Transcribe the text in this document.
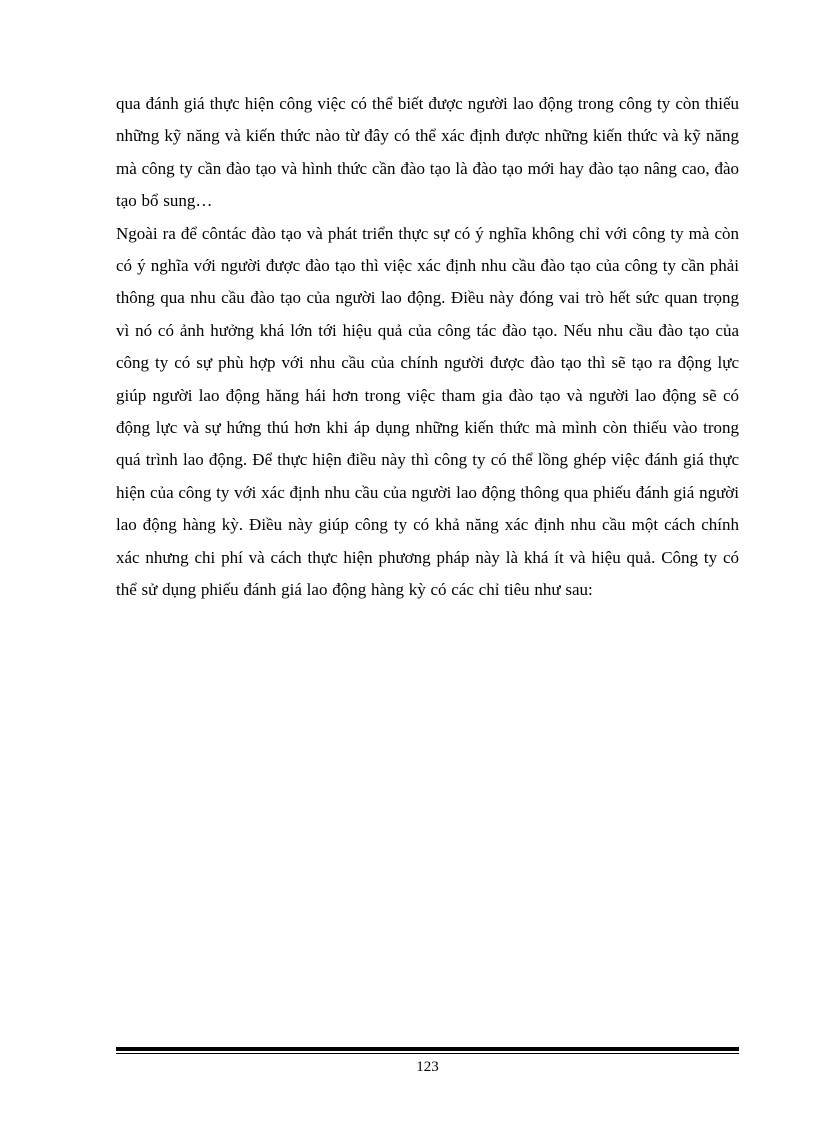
qua đánh giá thực hiện công việc có thể biết được người lao động trong công ty còn thiếu những kỹ năng và kiến thức nào từ đây có thể xác định được những kiến thức và kỹ năng mà công ty cần đào tạo và hình thức cần đào tạo là đào tạo mới hay đào tạo nâng cao, đào tạo bổ sung…

Ngoài ra để côntác đào tạo và phát triển thực sự có ý nghĩa không chỉ với công ty mà còn có ý nghĩa với người được đào tạo thì việc xác định nhu cầu đào tạo của công ty cần phải thông qua nhu cầu đào tạo của người lao động. Điều này đóng vai trò hết sức quan trọng vì nó có ảnh hưởng khá lớn tới hiệu quả của công tác đào tạo. Nếu nhu cầu đào tạo của công ty có sự phù hợp với nhu cầu của chính người được đào tạo thì sẽ tạo ra động lực giúp người lao động hăng hái hơn trong việc tham gia đào tạo và người lao động sẽ có động lực và sự hứng thú hơn khi áp dụng những kiến thức mà mình còn thiếu vào trong quá trình lao động. Để thực hiện điều này thì công ty có thể lồng ghép việc đánh giá thực hiện của công ty với xác định nhu cầu của người lao động thông qua phiếu đánh giá người lao động hàng kỳ. Điều này giúp công ty có khả năng xác định nhu cầu một cách chính xác nhưng chi phí và cách thực hiện phương pháp này là khá ít và hiệu quả. Công ty có thể sử dụng phiếu đánh giá lao động hàng kỳ có các chỉ tiêu như sau:

123
